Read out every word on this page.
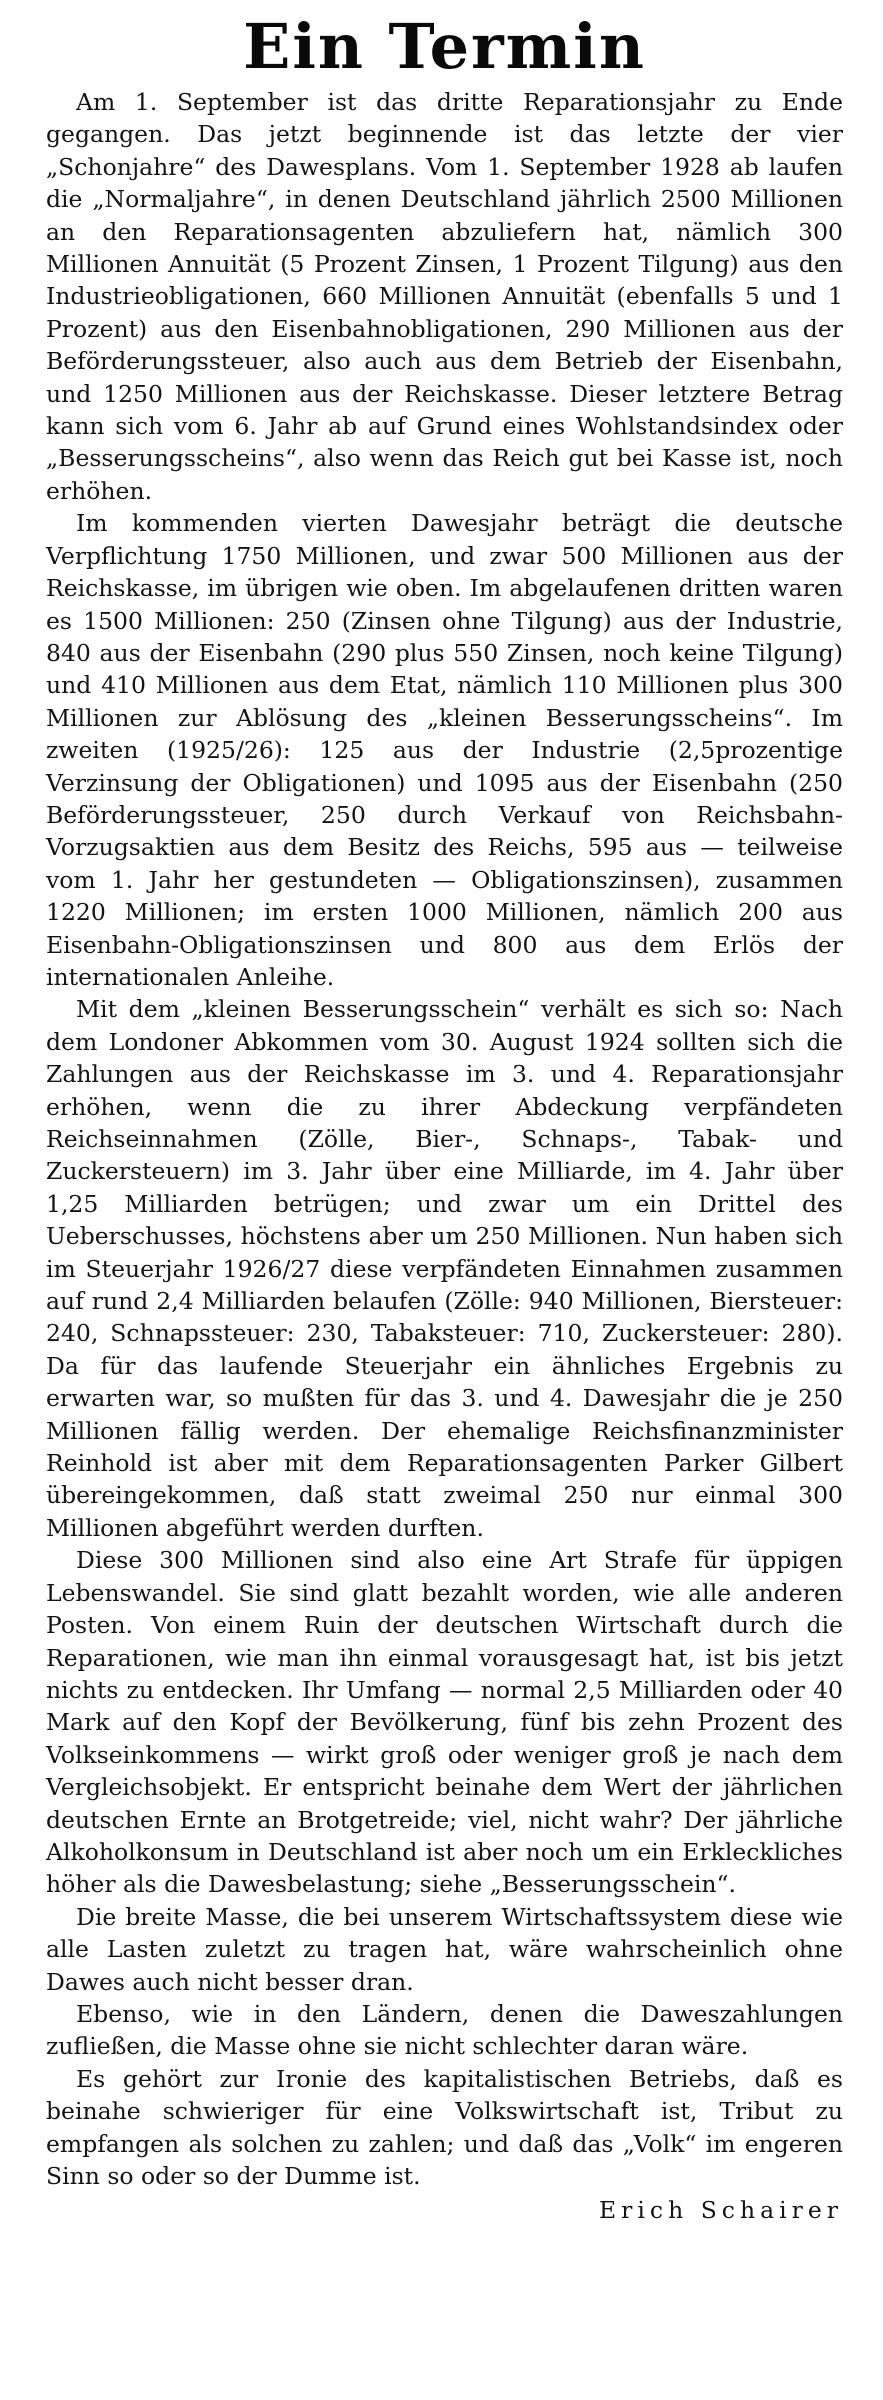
Ein Termin

Am 1. September ist das dritte Reparationsjahr zu Ende gegangen. Das jetzt beginnende ist das letzte der vier „Schonjahre“ des Dawesplans. Vom 1. September 1928 ab laufen die „Normaljahre“, in denen Deutschland jährlich 2500 Millionen an den Reparationsagenten abzuliefern hat, nämlich 300 Millionen Annuität (5 Prozent Zinsen, 1 Prozent Tilgung) aus den Industrieobligationen, 660 Millionen Annuität (ebenfalls 5 und 1 Prozent) aus den Eisenbahnobligationen, 290 Millionen aus der Beförderungssteuer, also auch aus dem Betrieb der Eisenbahn, und 1250 Millionen aus der Reichskasse. Dieser letztere Betrag kann sich vom 6. Jahr ab auf Grund eines Wohlstandsindex oder „Besserungsscheins“, also wenn das Reich gut bei Kasse ist, noch erhöhen.

Im kommenden vierten Dawesjahr beträgt die deutsche Verpflichtung 1750 Millionen, und zwar 500 Millionen aus der Reichskasse, im übrigen wie oben. Im abgelaufenen dritten waren es 1500 Millionen: 250 (Zinsen ohne Tilgung) aus der Industrie, 840 aus der Eisenbahn (290 plus 550 Zinsen, noch keine Tilgung) und 410 Millionen aus dem Etat, nämlich 110 Millionen plus 300 Millionen zur Ablösung des „kleinen Besserungsscheins“. Im zweiten (1925/26): 125 aus der Industrie (2,5prozentige Verzinsung der Obligationen) und 1095 aus der Eisenbahn (250 Beförderungssteuer, 250 durch Verkauf von Reichsbahn-Vorzugsaktien aus dem Besitz des Reichs, 595 aus — teilweise vom 1. Jahr her gestundeten — Obligationszinsen), zusammen 1220 Millionen; im ersten 1000 Millionen, nämlich 200 aus Eisenbahn-Obligationszinsen und 800 aus dem Erlös der internationalen Anleihe.

Mit dem „kleinen Besserungsschein“ verhält es sich so: Nach dem Londoner Abkommen vom 30. August 1924 sollten sich die Zahlungen aus der Reichskasse im 3. und 4. Reparationsjahr erhöhen, wenn die zu ihrer Abdeckung verpfändeten Reichseinnahmen (Zölle, Bier-, Schnaps-, Tabak- und Zuckersteuern) im 3. Jahr über eine Milliarde, im 4. Jahr über 1,25 Milliarden betrügen; und zwar um ein Drittel des Ueberschusses, höchstens aber um 250 Millionen. Nun haben sich im Steuerjahr 1926/27 diese verpfändeten Einnahmen zusammen auf rund 2,4 Milliarden belaufen (Zölle: 940 Millionen, Biersteuer: 240, Schnapssteuer: 230, Tabaksteuer: 710, Zuckersteuer: 280). Da für das laufende Steuerjahr ein ähnliches Ergebnis zu erwarten war, so mußten für das 3. und 4. Dawesjahr die je 250 Millionen fällig werden. Der ehemalige Reichsfinanzminister Reinhold ist aber mit dem Reparationsagenten Parker Gilbert übereingekommen, daß statt zweimal 250 nur einmal 300 Millionen abgeführt werden durften.

Diese 300 Millionen sind also eine Art Strafe für üppigen Lebenswandel. Sie sind glatt bezahlt worden, wie alle anderen Posten. Von einem Ruin der deutschen Wirtschaft durch die Reparationen, wie man ihn einmal vorausgesagt hat, ist bis jetzt nichts zu entdecken. Ihr Umfang — normal 2,5 Milliarden oder 40 Mark auf den Kopf der Bevölkerung, fünf bis zehn Prozent des Volkseinkommens — wirkt groß oder weniger groß je nach dem Vergleichsobjekt. Er entspricht beinahe dem Wert der jährlichen deutschen Ernte an Brotgetreide; viel, nicht wahr? Der jährliche Alkoholkonsum in Deutschland ist aber noch um ein Erkleckliches höher als die Dawesbelastung; siehe „Besserungsschein“.

Die breite Masse, die bei unserem Wirtschaftssystem diese wie alle Lasten zuletzt zu tragen hat, wäre wahrscheinlich ohne Dawes auch nicht besser dran.

Ebenso, wie in den Ländern, denen die Daweszahlungen zufließen, die Masse ohne sie nicht schlechter daran wäre.

Es gehört zur Ironie des kapitalistischen Betriebs, daß es beinahe schwieriger für eine Volkswirtschaft ist, Tribut zu empfangen als solchen zu zahlen; und daß das „Volk“ im engeren Sinn so oder so der Dumme ist.

Erich Schairer
